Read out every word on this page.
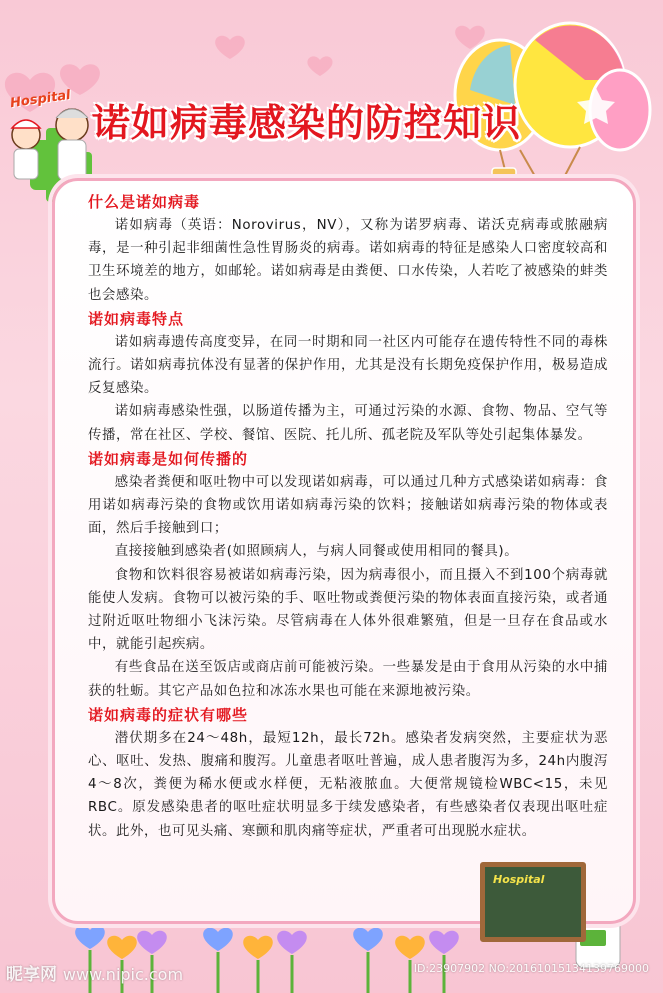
诺如病毒感染的防控知识
Hospital
什么是诺如病毒

诺如病毒（英语：Norovirus，NV），又称为诺罗病毒、诺沃克病毒或脓融病毒，是一种引起非细菌性急性胃肠炎的病毒。诺如病毒的特征是感染人口密度较高和卫生环境差的地方，如邮轮。诺如病毒是由粪便、口水传染，人若吃了被感染的蚌类也会感染。

诺如病毒特点

诺如病毒遗传高度变异，在同一时期和同一社区内可能存在遗传特性不同的毒株流行。诺如病毒抗体没有显著的保护作用，尤其是没有长期免疫保护作用，极易造成反复感染。

诺如病毒感染性强，以肠道传播为主，可通过污染的水源、食物、物品、空气等传播，常在社区、学校、餐馆、医院、托儿所、孤老院及军队等处引起集体暴发。

诺如病毒是如何传播的

感染者粪便和呕吐物中可以发现诺如病毒，可以通过几种方式感染诺如病毒：食用诺如病毒污染的食物或饮用诺如病毒污染的饮料；接触诺如病毒污染的物体或表面，然后手接触到口；

直接接触到感染者(如照顾病人，与病人同餐或使用相同的餐具)。

食物和饮料很容易被诺如病毒污染，因为病毒很小，而且摄入不到100个病毒就能使人发病。食物可以被污染的手、呕吐物或粪便污染的物体表面直接污染，或者通过附近呕吐物细小飞沫污染。尽管病毒在人体外很难繁殖，但是一旦存在食品或水中，就能引起疾病。

有些食品在送至饭店或商店前可能被污染。一些暴发是由于食用从污染的水中捕获的牡蛎。其它产品如色拉和冰冻水果也可能在来源地被污染。

诺如病毒的症状有哪些

潜伏期多在24～48h，最短12h，最长72h。感染者发病突然，主要症状为恶心、呕吐、发热、腹痛和腹泻。儿童患者呕吐普遍，成人患者腹泻为多，24h内腹泻4～8次，粪便为稀水便或水样便，无粘液脓血。大便常规镜检WBC<15，未见RBC。原发感染患者的呕吐症状明显多于续发感染者，有些感染者仅表现出呕吐症状。此外，也可见头痛、寒颤和肌肉痛等症状，严重者可出现脱水症状。

Hospital
昵享网 www.nipic.com	ID:23907902 NO:20161015134139769000
